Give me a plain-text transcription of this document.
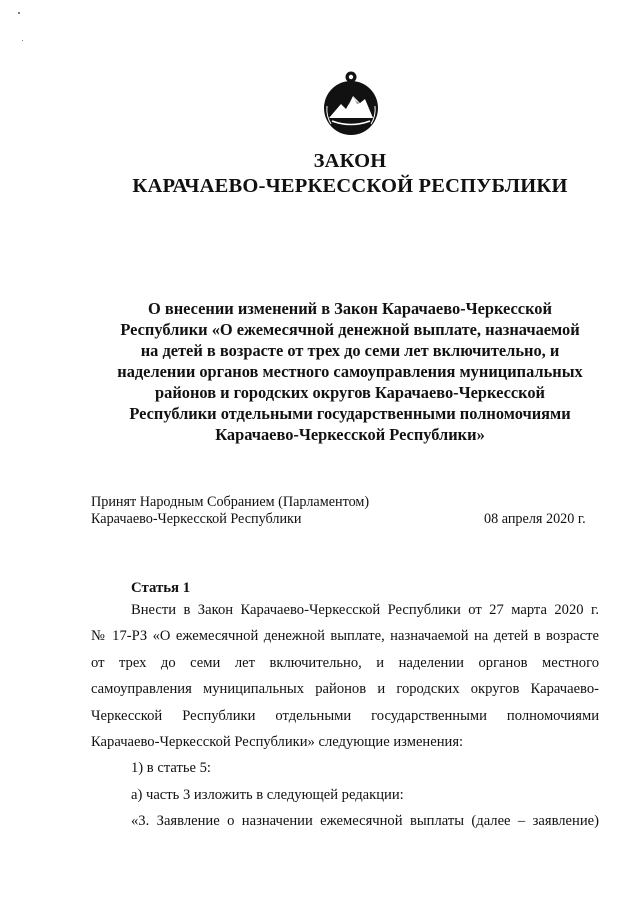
ЗАКОН
КАРАЧАЕВО-ЧЕРКЕССКОЙ РЕСПУБЛИКИ
О внесении изменений в Закон Карачаево-Черкесской
Республики «О ежемесячной денежной выплате, назначаемой
на детей в возрасте от трех до семи лет включительно, и
наделении органов местного самоуправления муниципальных
районов и городских округов Карачаево-Черкесской
Республики отдельными государственными полномочиями
Карачаево-Черкесской Республики»
Принят Народным Собранием (Парламентом)
Карачаево-Черкесской Республики	08 апреля 2020 г.
Статья 1
Внести в Закон Карачаево-Черкесской Республики от 27 марта 2020 г.
№ 17-РЗ «О ежемесячной денежной выплате, назначаемой на детей в возрасте
от трех до семи лет включительно, и наделении органов местного
самоуправления муниципальных районов и городских округов Карачаево-
Черкесской Республики отдельными государственными полномочиями
Карачаево-Черкесской Республики» следующие изменения:
1) в статье 5:
а) часть 3 изложить в следующей редакции:
«3. Заявление о назначении ежемесячной выплаты (далее – заявление)
